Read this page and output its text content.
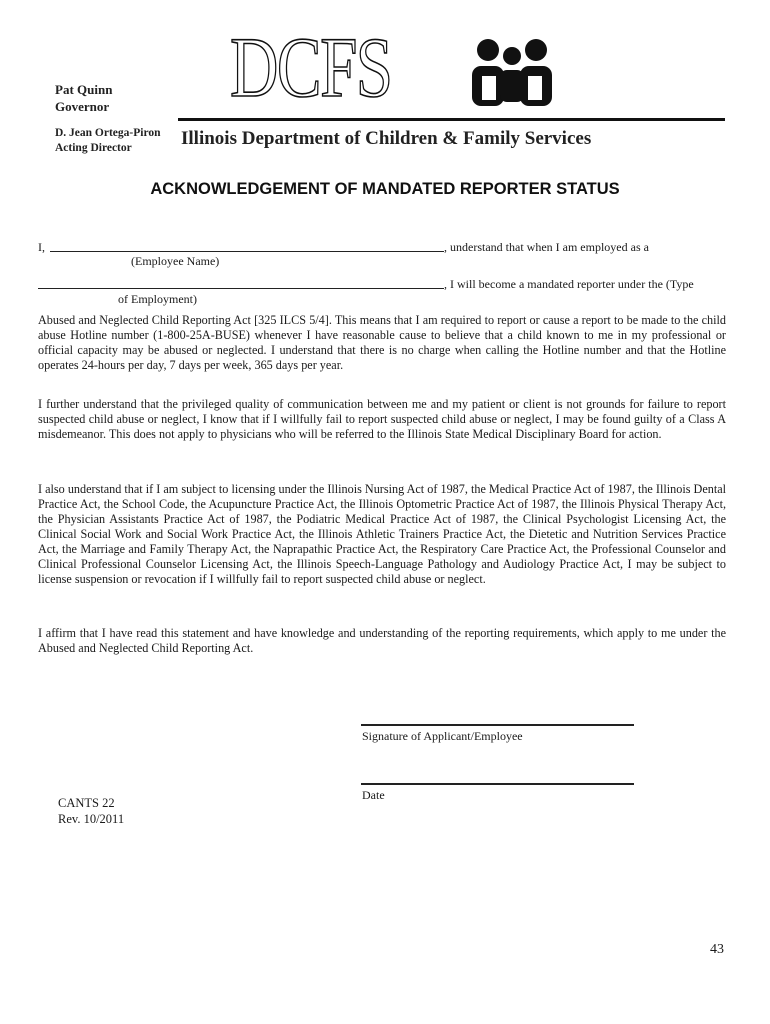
Pat Quinn
Governor
D. Jean Ortega-Piron
Acting Director
DCFS
Illinois Department of Children & Family Services
ACKNOWLEDGEMENT OF MANDATED REPORTER STATUS
I,	, understand that when I am employed as a
(Employee Name)
, I will become a mandated reporter under the (Type
of Employment)
Abused and Neglected Child Reporting Act [325 ILCS 5/4]. This means that I am required to report or cause a report to be made to the child abuse Hotline number (1-800-25A-BUSE) whenever I have reasonable cause to believe that a child known to me in my professional or official capacity may be abused or neglected. I understand that there is no charge when calling the Hotline number and that the Hotline operates 24-hours per day, 7 days per week, 365 days per year.
I further understand that the privileged quality of communication between me and my patient or client is not grounds for failure to report suspected child abuse or neglect, I know that if I willfully fail to report suspected child abuse or neglect, I may be found guilty of a Class A misdemeanor. This does not apply to physicians who will be referred to the Illinois State Medical Disciplinary Board for action.
I also understand that if I am subject to licensing under the Illinois Nursing Act of 1987, the Medical Practice Act of 1987, the Illinois Dental Practice Act, the School Code, the Acupuncture Practice Act, the Illinois Optometric Practice Act of 1987, the Illinois Physical Therapy Act, the Physician Assistants Practice Act of 1987, the Podiatric Medical Practice Act of 1987, the Clinical Psychologist Licensing Act, the Clinical Social Work and Social Work Practice Act, the Illinois Athletic Trainers Practice Act, the Dietetic and Nutrition Services Practice Act, the Marriage and Family Therapy Act, the Naprapathic Practice Act, the Respiratory Care Practice Act, the Professional Counselor and Clinical Professional Counselor Licensing Act, the Illinois Speech-Language Pathology and Audiology Practice Act, I may be subject to license suspension or revocation if I willfully fail to report suspected child abuse or neglect.
I affirm that I have read this statement and have knowledge and understanding of the reporting requirements, which apply to me under the Abused and Neglected Child Reporting Act.
Signature of Applicant/Employee
Date
CANTS 22
Rev. 10/2011
43
